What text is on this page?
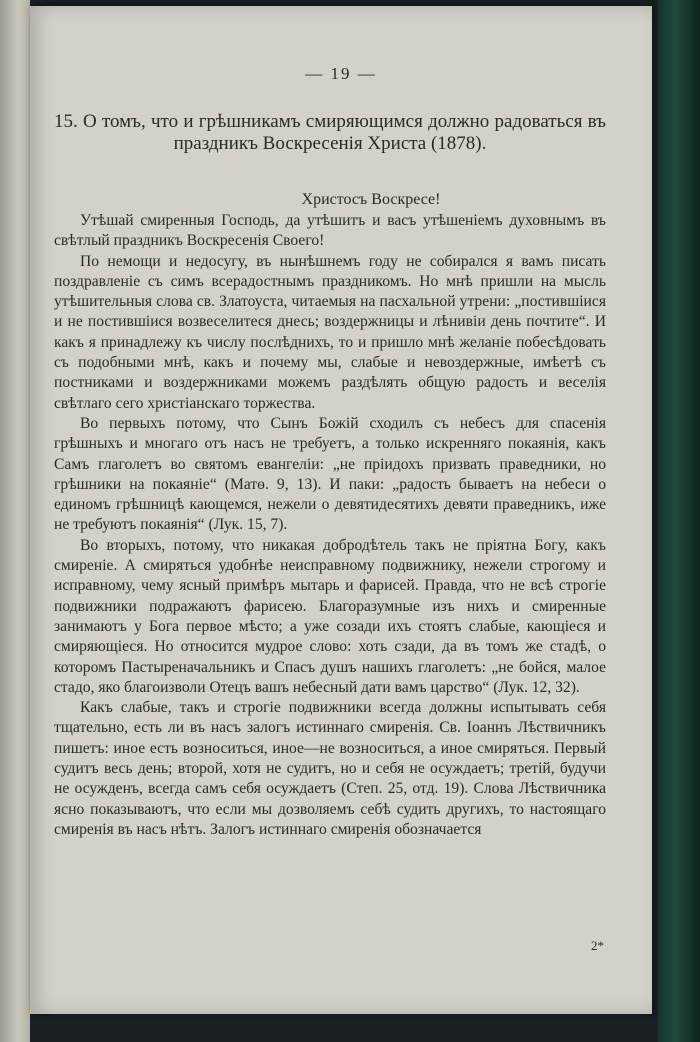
— 19 —
15. О томъ, что и грѣшникамъ смиряющимся должно радоваться въ праздникъ Воскресенія Христа (1878).
Христосъ Воскресе!

Утѣшай смиренныя Господь, да утѣшитъ и васъ утѣшеніемъ духовнымъ въ свѣтлый праздникъ Воскресенія Своего!

По немощи и недосугу, въ нынѣшнемъ году не собирался я вамъ писать поздравленіе съ симъ всерадостнымъ праздникомъ. Но мнѣ пришли на мысль утѣшительныя слова св. Златоуста, читаемыя на пасхальной утрени: „постившіися и не постившіися возвеселитеся днесь; воздержницы и лѣнивіи день почтите“. И какъ я принадлежу къ числу послѣднихъ, то и пришло мнѣ желаніе побесѣдовать съ подобными мнѣ, какъ и почему мы, слабые и невоздержные, имѣетѣ съ постниками и воздержниками можемъ раздѣлять общую радость и веселія свѣтлаго сего христіанскаго торжества.

Во первыхъ потому, что Сынъ Божій сходилъ съ небесъ для спасенія грѣшныхъ и многаго отъ насъ не требуетъ, а только искренняго покаянія, какъ Самъ глаголетъ во святомъ евангеліи: „не пріидохъ призвать праведники, но грѣшники на покаяніе“ (Матѳ. 9, 13). И паки: „радость бываетъ на небеси о единомъ грѣшницѣ кающемся, нежели о девятидесятихъ девяти праведникъ, иже не требуютъ покаянія“ (Лук. 15, 7).

Во вторыхъ, потому, что никакая добродѣтель такъ не пріятна Богу, какъ смиреніе. А смиряться удобнѣе неисправному подвижнику, нежели строгому и исправному, чему ясный примѣръ мытарь и фарисей. Правда, что не всѣ строгіе подвижники подражаютъ фарисею. Благоразумные изъ нихъ и смиренные занимаютъ у Бога первое мѣсто; а уже созади ихъ стоятъ слабые, кающіеся и смиряющіеся. Но относится мудрое слово: хоть сзади, да въ томъ же стадѣ, о которомъ Пастыреначальникъ и Спасъ душъ нашихъ глаголетъ: „не бойся, малое стадо, яко благоизволи Отецъ вашъ небесный дати вамъ царство“ (Лук. 12, 32).

Какъ слабые, такъ и строгіе подвижники всегда должны испытывать себя тщательно, есть ли въ насъ залогъ истиннаго смиренія. Св. Іоаннъ Лѣствичникъ пишетъ: иное есть возноситься, иное—не возноситься, а иное смиряться. Первый судитъ весь день; второй, хотя не судитъ, но и себя не осуждаетъ; третій, будучи не осужденъ, всегда самъ себя осуждаетъ (Степ. 25, отд. 19). Слова Лѣствичника ясно показываютъ, что если мы дозволяемъ себѣ судить другихъ, то настоящаго смиренія въ насъ нѣтъ. Залогъ истиннаго смиренія обозначается

2*
